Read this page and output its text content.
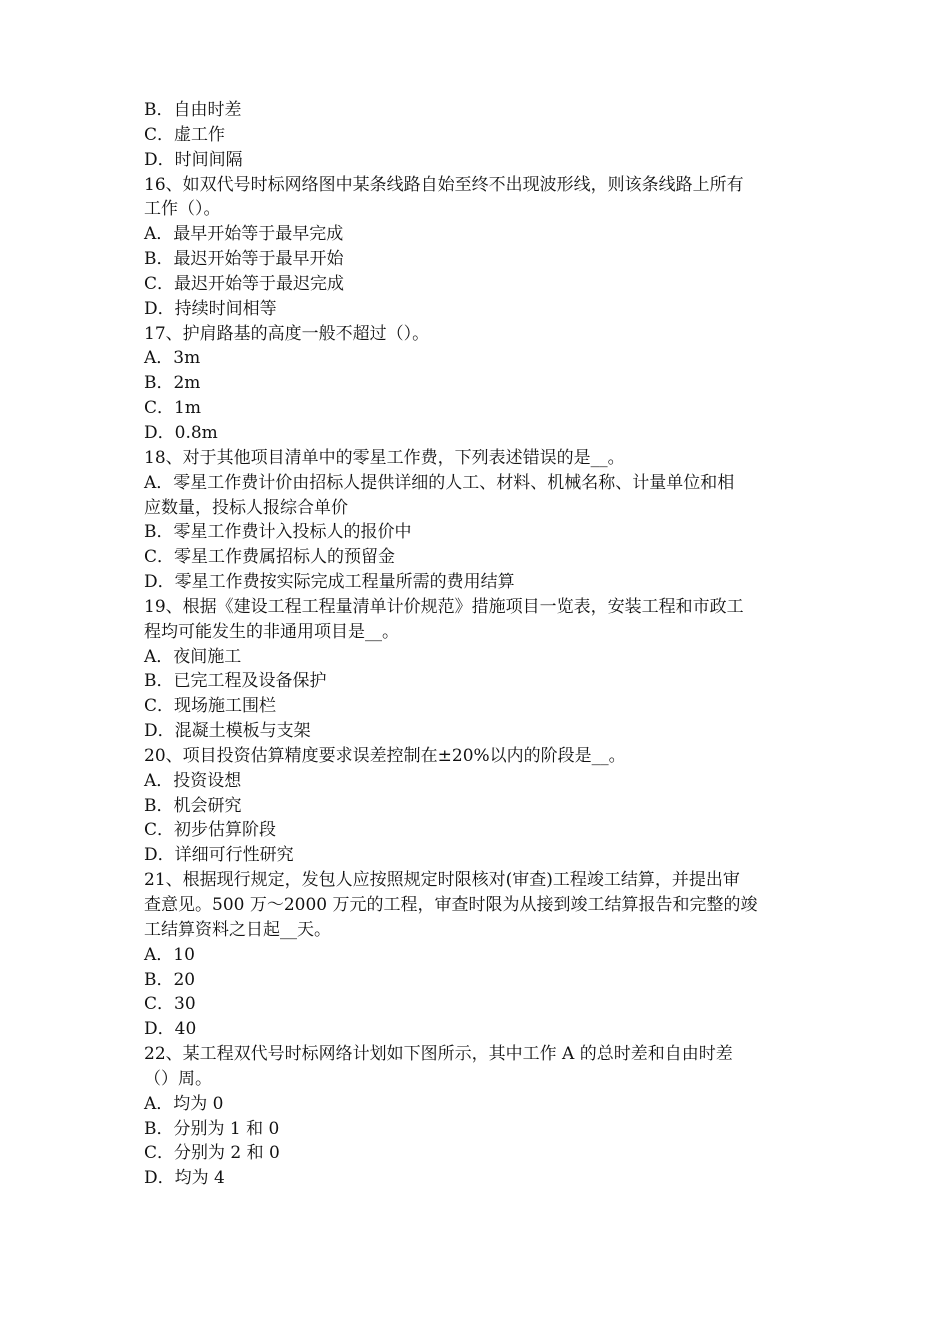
B．自由时差
C．虚工作
D．时间间隔
16、如双代号时标网络图中某条线路自始至终不出现波形线，则该条线路上所有
工作（）。
A．最早开始等于最早完成
B．最迟开始等于最早开始
C．最迟开始等于最迟完成
D．持续时间相等
17、护肩路基的高度一般不超过（）。
A．3m
B．2m
C．1m
D．0.8m
18、对于其他项目清单中的零星工作费，下列表述错误的是__。
A．零星工作费计价由招标人提供详细的人工、材料、机械名称、计量单位和相
应数量，投标人报综合单价
B．零星工作费计入投标人的报价中
C．零星工作费属招标人的预留金
D．零星工作费按实际完成工程量所需的费用结算
19、根据《建设工程工程量清单计价规范》措施项目一览表，安装工程和市政工
程均可能发生的非通用项目是__。
A．夜间施工
B．已完工程及设备保护
C．现场施工围栏
D．混凝土模板与支架
20、项目投资估算精度要求误差控制在±20%以内的阶段是__。
A．投资设想
B．机会研究
C．初步估算阶段
D．详细可行性研究
21、根据现行规定，发包人应按照规定时限核对(审查)工程竣工结算，并提出审
查意见。500 万～2000 万元的工程，审查时限为从接到竣工结算报告和完整的竣
工结算资料之日起__天。
A．10
B．20
C．30
D．40
22、某工程双代号时标网络计划如下图所示，其中工作 A 的总时差和自由时差
（）周。
A．均为 0
B．分别为 1 和 0
C．分别为 2 和 0
D．均为 4
